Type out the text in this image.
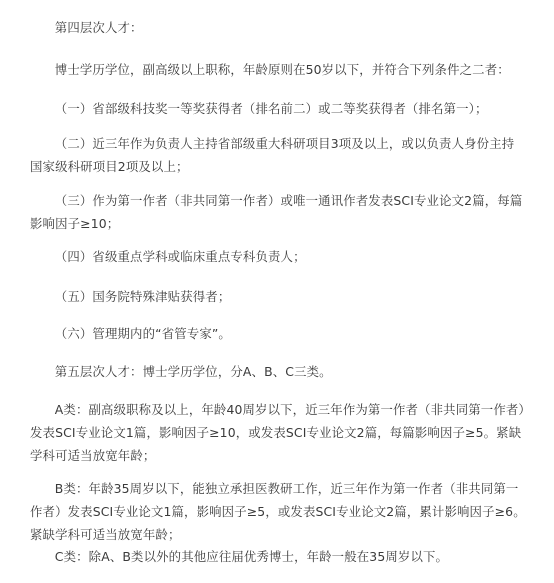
第四层次人才：

博士学历学位，副高级以上职称，年龄原则在50岁以下，并符合下列条件之二者：

（一）省部级科技奖一等奖获得者（排名前二）或二等奖获得者（排名第一）；

（二）近三年作为负责人主持省部级重大科研项目3项及以上，或以负责人身份主持国家级科研项目2项及以上；

（三）作为第一作者（非共同第一作者）或唯一通讯作者发表SCI专业论文2篇，每篇影响因子≥10；

（四）省级重点学科或临床重点专科负责人；

（五）国务院特殊津贴获得者；

（六）管理期内的“省管专家”。

第五层次人才：博士学历学位，分A、B、C三类。

A类：副高级职称及以上，年龄40周岁以下，近三年作为第一作者（非共同第一作者）发表SCI专业论文1篇，影响因子≥10，或发表SCI专业论文2篇，每篇影响因子≥5。紧缺学科可适当放宽年龄；

B类：年龄35周岁以下，能独立承担医教研工作，近三年作为第一作者（非共同第一作者）发表SCI专业论文1篇，影响因子≥5，或发表SCI专业论文2篇，累计影响因子≥6。紧缺学科可适当放宽年龄；

C类：除A、B类以外的其他应往届优秀博士，年龄一般在35周岁以下。
